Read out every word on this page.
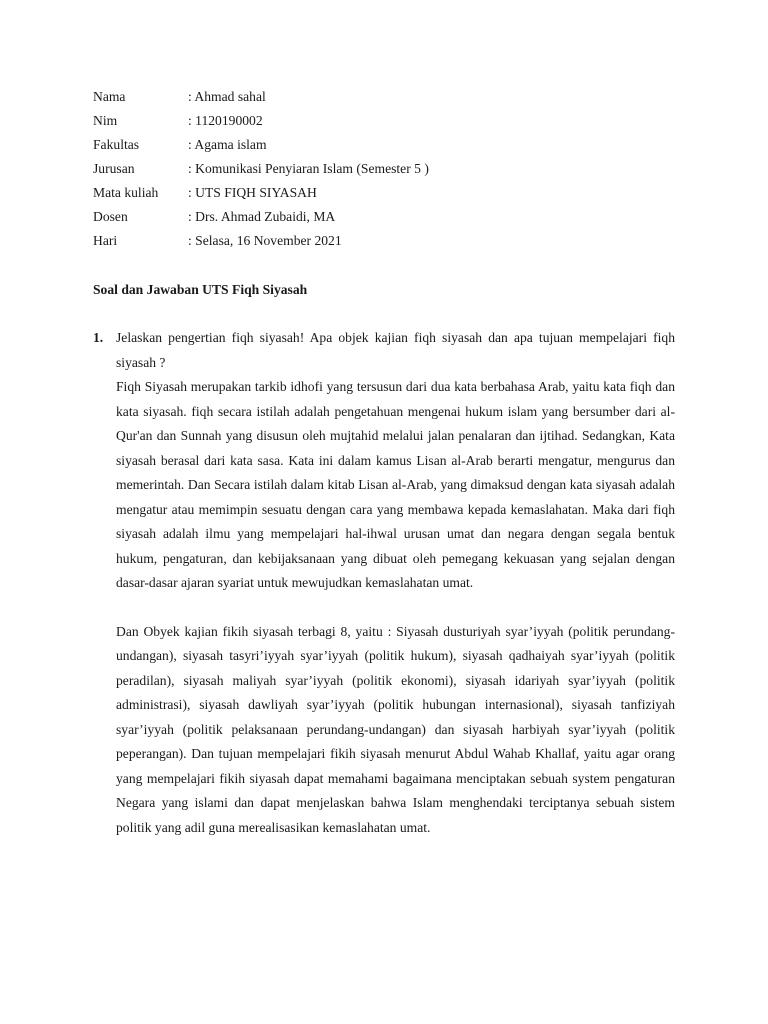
Nama	: Ahmad sahal
Nim	: 1120190002
Fakultas	: Agama islam
Jurusan	: Komunikasi Penyiaran Islam (Semester 5 )
Mata kuliah	: UTS FIQH SIYASAH
Dosen	: Drs. Ahmad Zubaidi, MA
Hari	: Selasa, 16 November 2021
Soal dan Jawaban UTS Fiqh Siyasah
1. Jelaskan pengertian fiqh siyasah! Apa objek kajian fiqh siyasah dan apa tujuan mempelajari fiqh siyasah ?

Fiqh Siyasah merupakan tarkib idhofi yang tersusun dari dua kata berbahasa Arab, yaitu kata fiqh dan kata siyasah. fiqh secara istilah adalah pengetahuan mengenai hukum islam yang bersumber dari al-Qur'an dan Sunnah yang disusun oleh mujtahid melalui jalan penalaran dan ijtihad. Sedangkan, Kata siyasah berasal dari kata sasa. Kata ini dalam kamus Lisan al-Arab berarti mengatur, mengurus dan memerintah. Dan Secara istilah dalam kitab Lisan al-Arab, yang dimaksud dengan kata siyasah adalah mengatur atau memimpin sesuatu dengan cara yang membawa kepada kemaslahatan. Maka dari fiqh siyasah adalah ilmu yang mempelajari hal-ihwal urusan umat dan negara dengan segala bentuk hukum, pengaturan, dan kebijaksanaan yang dibuat oleh pemegang kekuasan yang sejalan dengan dasar-dasar ajaran syariat untuk mewujudkan kemaslahatan umat.

Dan Obyek kajian fikih siyasah terbagi 8, yaitu : Siyasah dusturiyah syar’iyyah (politik perundang-undangan), siyasah tasyri’iyyah syar’iyyah (politik hukum), siyasah qadhaiyah syar’iyyah (politik peradilan), siyasah maliyah syar’iyyah (politik ekonomi), siyasah idariyah syar’iyyah (politik administrasi), siyasah dawliyah syar’iyyah (politik hubungan internasional), siyasah tanfiziyah syar’iyyah (politik pelaksanaan perundang-undangan) dan siyasah harbiyah syar’iyyah (politik peperangan). Dan tujuan mempelajari fikih siyasah menurut Abdul Wahab Khallaf, yaitu agar orang yang mempelajari fikih siyasah dapat memahami bagaimana menciptakan sebuah system pengaturan Negara yang islami dan dapat menjelaskan bahwa Islam menghendaki terciptanya sebuah sistem politik yang adil guna merealisasikan kemaslahatan umat.
